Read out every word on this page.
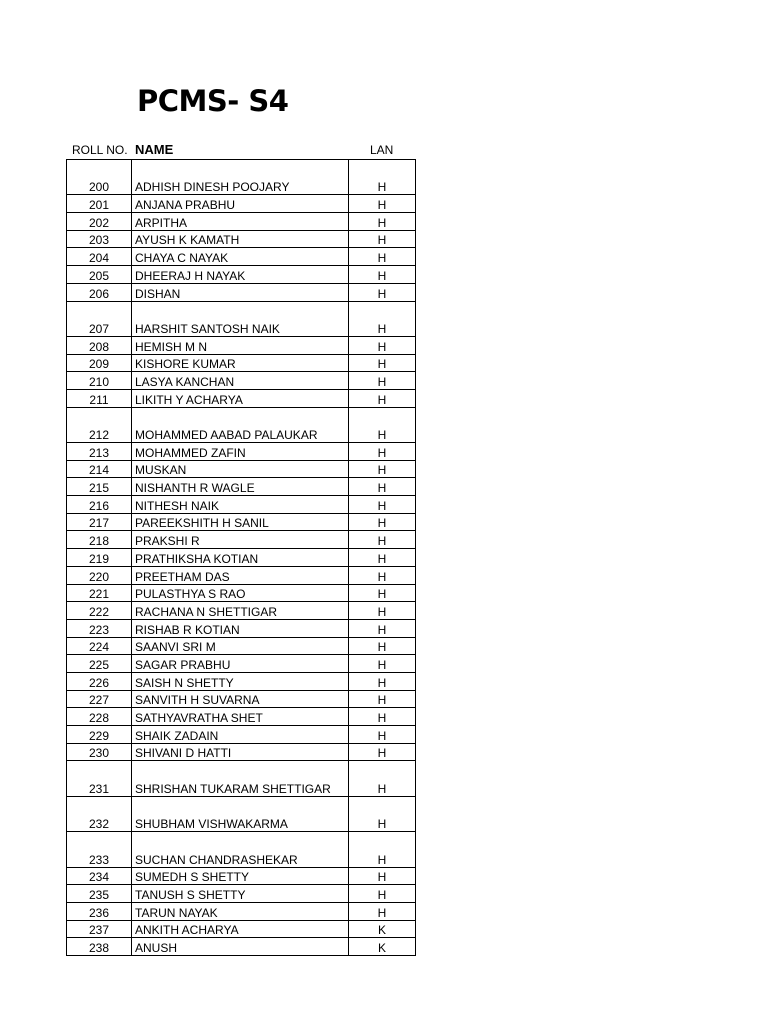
PCMS- S4
ROLL NO. NAME	LAN
200	ADHISH DINESH POOJARY	H
201	ANJANA PRABHU	H
202	ARPITHA	H
203	AYUSH K KAMATH	H
204	CHAYA C NAYAK	H
205	DHEERAJ H NAYAK	H
206	DISHAN	H
207	HARSHIT SANTOSH NAIK	H
208	HEMISH M N	H
209	KISHORE KUMAR	H
210	LASYA KANCHAN	H
211	LIKITH Y ACHARYA	H
212	MOHAMMED AABAD PALAUKAR	H
213	MOHAMMED ZAFIN	H
214	MUSKAN	H
215	NISHANTH R WAGLE	H
216	NITHESH NAIK	H
217	PAREEKSHITH H SANIL	H
218	PRAKSHI R	H
219	PRATHIKSHA KOTIAN	H
220	PREETHAM DAS	H
221	PULASTHYA S RAO	H
222	RACHANA N SHETTIGAR	H
223	RISHAB R KOTIAN	H
224	SAANVI SRI M	H
225	SAGAR PRABHU	H
226	SAISH N SHETTY	H
227	SANVITH H SUVARNA	H
228	SATHYAVRATHA SHET	H
229	SHAIK ZADAIN	H
230	SHIVANI D HATTI	H
231	SHRISHAN TUKARAM SHETTIGAR	H
232	SHUBHAM VISHWAKARMA	H
233	SUCHAN CHANDRASHEKAR	H
234	SUMEDH S SHETTY	H
235	TANUSH S SHETTY	H
236	TARUN NAYAK	H
237	ANKITH ACHARYA	K
238	ANUSH	K
